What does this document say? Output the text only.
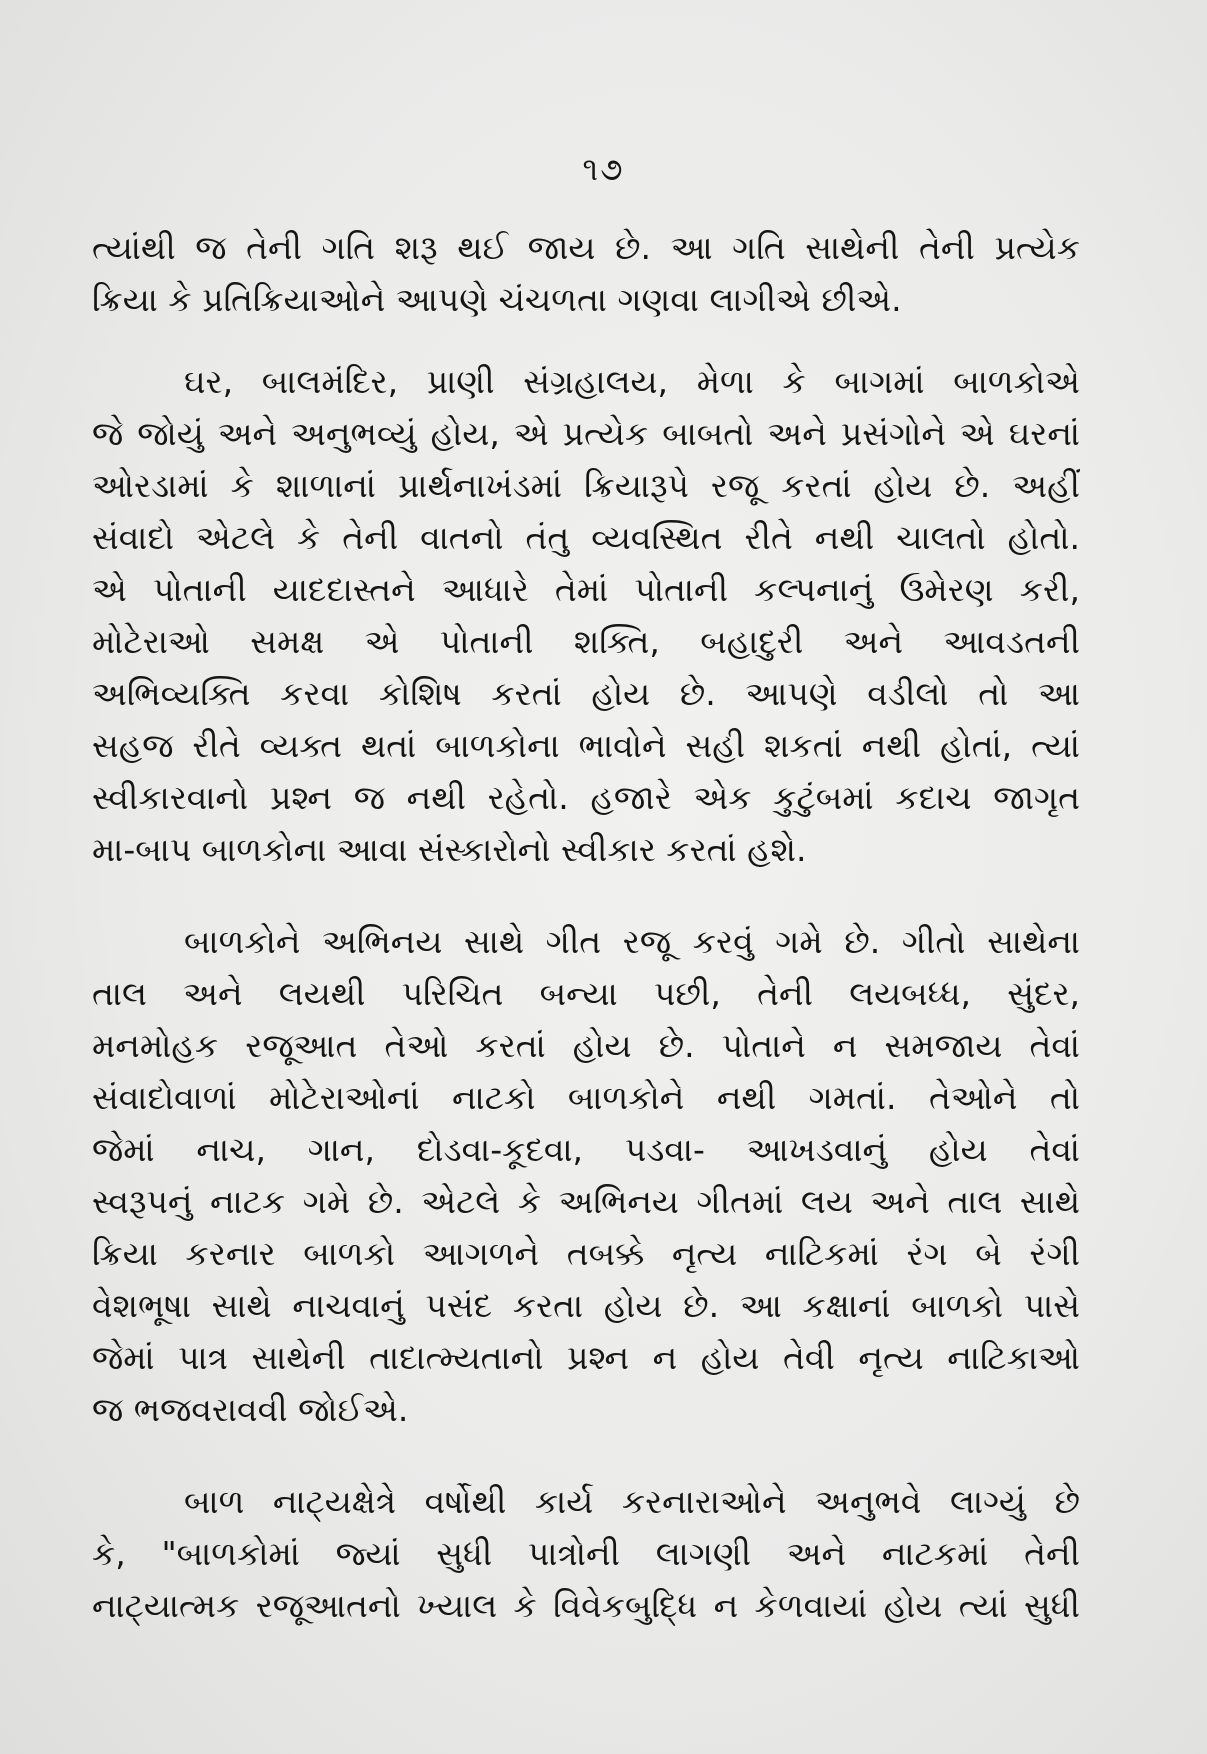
૧૭
ત્યાંથી જ તેની ગતિ શરૂ થઈ જાય છે. આ ગતિ સાથેની તેની પ્રત્યેક
ક્રિયા કે પ્રતિક્રિયાઓને આપણે ચંચળતા ગણવા લાગીએ છીએ.
ઘર, બાલમંદિર, પ્રાણી સંગ્રહાલય, મેળા કે બાગમાં બાળકોએ
જે જોયું અને અનુભવ્યું હોય, એ પ્રત્યેક બાબતો અને પ્રસંગોને એ ઘરનાં
ઓરડામાં કે શાળાનાં પ્રાર્થનાખંડમાં ક્રિયારૂપે રજૂ કરતાં હોય છે. અહીં
સંવાદો એટલે કે તેની વાતનો તંતુ વ્યવસ્થિત રીતે નથી ચાલતો હોતો.
એ પોતાની યાદદાસ્તને આધારે તેમાં પોતાની કલ્પનાનું ઉમેરણ કરી,
મોટેરાઓ સમક્ષ એ પોતાની શક્તિ, બહાદુરી અને આવડતની
અભિવ્યક્તિ કરવા કોશિષ કરતાં હોય છે. આપણે વડીલો તો આ
સહજ રીતે વ્યક્ત થતાં બાળકોના ભાવોને સહી શકતાં નથી હોતાં, ત્યાં
સ્વીકારવાનો પ્રશ્ન જ નથી રહેતો. હજારે એક કુટુંબમાં કદાચ જાગૃત
મા-બાપ બાળકોના આવા સંસ્કારોનો સ્વીકાર કરતાં હશે.
બાળકોને અભિનય સાથે ગીત રજૂ કરવું ગમે છે. ગીતો સાથેના
તાલ અને લયથી પરિચિત બન્યા પછી, તેની લયબધ્ધ, સુંદર,
મનમોહક રજૂઆત તેઓ કરતાં હોય છે. પોતાને ન સમજાય તેવાં
સંવાદોવાળાં મોટેરાઓનાં નાટકો બાળકોને નથી ગમતાં. તેઓને તો
જેમાં નાચ, ગાન, દોડવા-કૂદવા, પડવા- આખડવાનું હોય તેવાં
સ્વરૂપનું નાટક ગમે છે. એટલે કે અભિનય ગીતમાં લય અને તાલ સાથે
ક્રિયા કરનાર બાળકો આગળને તબક્કે નૃત્ય નાટિકમાં રંગ બે રંગી
વેશભૂષા સાથે નાચવાનું પસંદ કરતા હોય છે. આ કક્ષાનાં બાળકો પાસે
જેમાં પાત્ર સાથેની તાદાત્મ્યતાનો પ્રશ્ન ન હોય તેવી નૃત્ય નાટિકાઓ
જ ભજવરાવવી જોઈએ.
બાળ નાટ્યક્ષેત્રે વર્ષોથી કાર્ય કરનારાઓને અનુભવે લાગ્યું છે
કે, "બાળકોમાં જ્યાં સુધી પાત્રોની લાગણી અને નાટકમાં તેની
નાટ્યાત્મક રજૂઆતનો ખ્યાલ કે વિવેકબુદ્ધિ ન કેળવાયાં હોય ત્યાં સુધી
